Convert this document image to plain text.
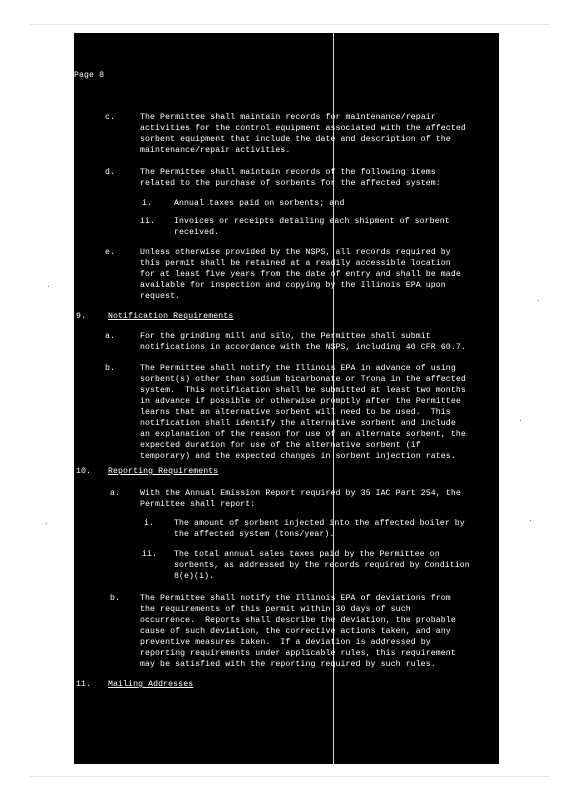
Page 8
c.	The Permittee shall maintain records for maintenance/repair
activities for the control equipment associated with the affected
sorbent equipment that include the date and description of the
maintenance/repair activities.
d.	The Permittee shall maintain records of the following items
related to the purchase of sorbents for the affected system:
i.	Annual taxes paid on sorbents; and
ii. Invoices or receipts detailing each shipment of sorbent
received.
e.	Unless otherwise provided by the NSPS, all records required by
this permit shall be retained at a readily accessible location
for at least five years from the date of entry and shall be made
available for inspection and copying by the Illinois EPA upon
request.
9.	Notification Requirements
a.	For the grinding mill and silo, the Permittee shall submit
notifications in accordance with the NSPS, including 40 CFR 60.7.
b.	The Permittee shall notify the Illinois EPA in advance of using
sorbent(s) other than sodium bicarbonate or Trona in the affected
system.  This notification shall be submitted at least two months
in advance if possible or otherwise promptly after the Permittee
learns that an alternative sorbent will need to be used.  This
notification shall identify the alternative sorbent and include
an explanation of the reason for use of an alternate sorbent, the
expected duration for use of the alternative sorbent (if
temporary) and the expected changes in sorbent injection rates.
10. Reporting Requirements
a. With the Annual Emission Report required by 35 IAC Part 254, the
Permittee shall report:
i. The amount of sorbent injected into the affected boiler by
the affected system (tons/year).
ii. The total annual sales taxes paid by the Permittee on
sorbents, as addressed by the records required by Condition
8(e)(i).
b. The Permittee shall notify the Illinois EPA of deviations from
the requirements of this permit within 30 days of such
occurrence.  Reports shall describe the deviation, the probable
cause of such deviation, the corrective actions taken, and any
preventive measures taken.  If a deviation is addressed by
reporting requirements under applicable rules, this requirement
may be satisfied with the reporting required by such rules.
11. Mailing Addresses
